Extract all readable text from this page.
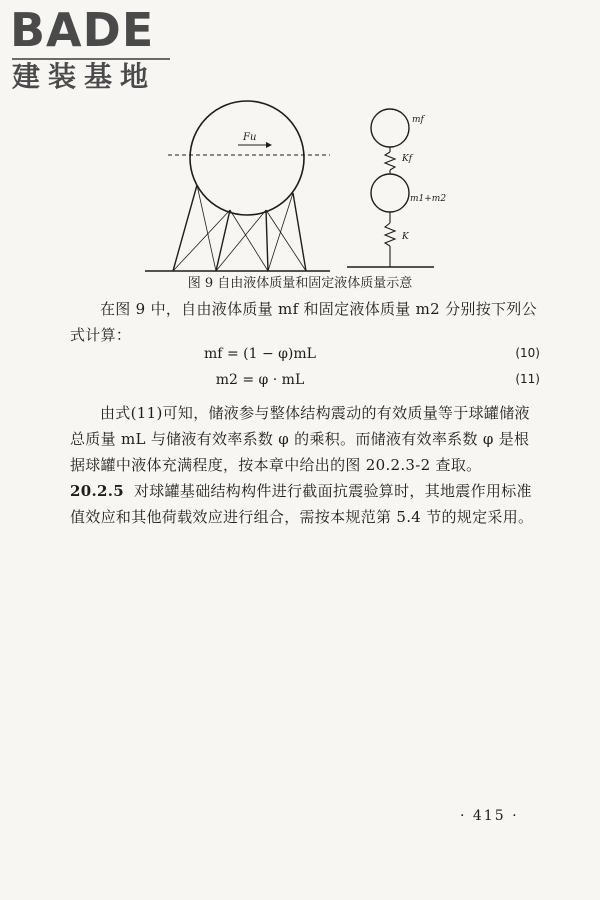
BADE
建装基地
Fu
mf
Kf
m1+m2
K
图 9 自由液体质量和固定液体质量示意
在图 9 中，自由液体质量 mf 和固定液体质量 m2 分别按下列公式计算：
mf = (1 − φ)mL	(10)
m2 = φ · mL	(11)
由式(11)可知，储液参与整体结构震动的有效质量等于球罐储液总质量 mL 与储液有效率系数 φ 的乘积。而储液有效率系数 φ 是根据球罐中液体充满程度，按本章中给出的图 20.2.3-2 查取。
20.2.5 对球罐基础结构构件进行截面抗震验算时，其地震作用标准值效应和其他荷载效应进行组合，需按本规范第 5.4 节的规定采用。
· 415 ·
